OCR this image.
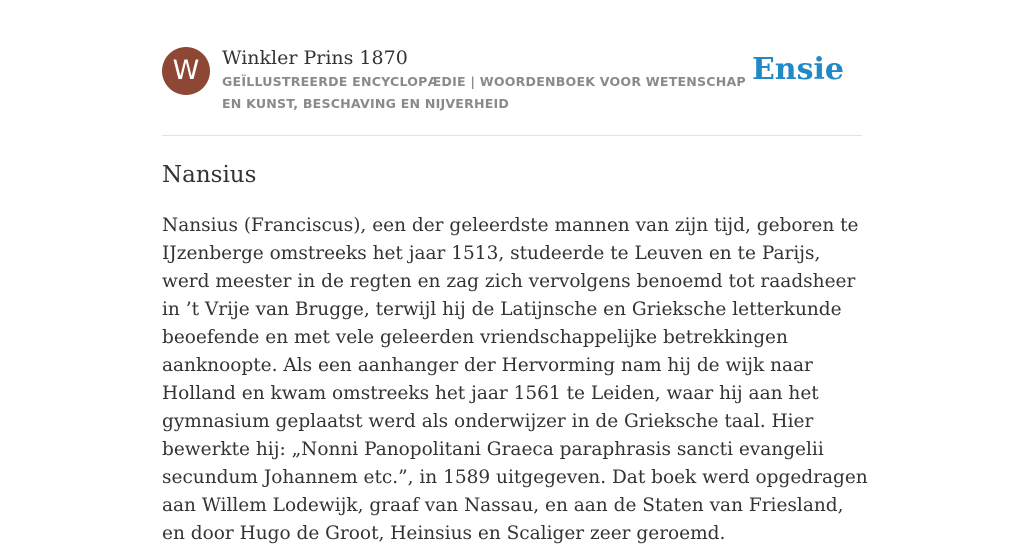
W	Winkler Prins 1870
GEÏLLUSTREERDE ENCYCLOPÆDIE | WOORDENBOEK VOOR WETENSCHAP EN KUNST, BESCHAVING EN NIJVERHEID
Ensie
Nansius

Nansius (Franciscus), een der geleerdste mannen van zijn tijd, geboren te IJzenberge omstreeks het jaar 1513, studeerde te Leuven en te Parijs, werd meester in de regten en zag zich vervolgens benoemd tot raadsheer in ’t Vrije van Brugge, terwijl hij de Latijnsche en Grieksche letterkunde beoefende en met vele geleerden vriendschappelijke betrekkingen aanknoopte. Als een aanhanger der Hervorming nam hij de wijk naar Holland en kwam omstreeks het jaar 1561 te Leiden, waar hij aan het gymnasium geplaatst werd als onderwijzer in de Grieksche taal. Hier bewerkte hij: „Nonni Panopolitani Graeca paraphrasis sancti evangelii secundum Johannem etc.”, in 1589 uitgegeven. Dat boek werd opgedragen aan Willem Lodewijk, graaf van Nassau, en aan de Staten van Friesland, en door Hugo de Groot, Heinsius en Scaliger zeer geroemd.
